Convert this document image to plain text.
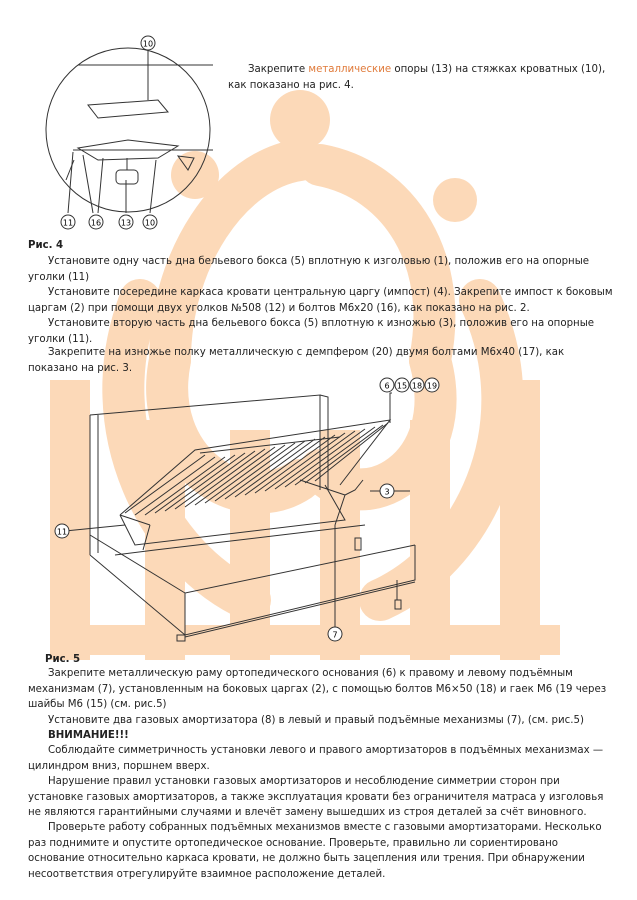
10
11 16 13 10

Закрепите металлические опоры (13) на стяжках кроватных (10), как показано на рис. 4.

Рис. 4

Установите одну часть дна бельевого бокса (5) вплотную к изголовью (1), положив его на опорные уголки (11)

Установите посередине каркаса кровати центральную царгу (импост) (4). Закрепите импост к боковым царгам (2) при помощи двух уголков №508 (12) и болтов М6х20 (16), как показано на рис. 2.

Установите вторую часть дна бельевого бокса (5) вплотную к изножью (3), положив его на опорные уголки (11).

Закрепите на изножье полку металлическую с демпфером (20) двумя болтами М6х40 (17), как показано на рис. 3.

6 15 18 19
3
11
7

Рис. 5

Закрепите металлическую раму ортопедического основания (6) к правому и левому подъёмным механизмам (7), установленным на боковых царгах (2), с помощью болтов М6×50 (18) и гаек М6 (19 через шайбы М6 (15) (см. рис.5)

Установите два газовых амортизатора (8) в левый и правый подъёмные механизмы (7), (см. рис.5)

ВНИМАНИЕ!!!

Соблюдайте симметричность установки левого и правого амортизаторов в подъёмных механизмах — цилиндром вниз, поршнем вверх.

Нарушение правил установки газовых амортизаторов и несоблюдение симметрии сторон при установке газовых амортизаторов, а также эксплуатация кровати без ограничителя матраса у изголовья не являются гарантийными случаями и влечёт замену вышедших из строя деталей за счёт виновного.

Проверьте работу собранных подъёмных механизмов вместе с газовыми амортизаторами. Несколько раз поднимите и опустите ортопедическое основание. Проверьте, правильно ли сориентировано основание относительно каркаса кровати, не должно быть зацепления или трения. При обнаружении несоответствия отрегулируйте взаимное расположение деталей.
